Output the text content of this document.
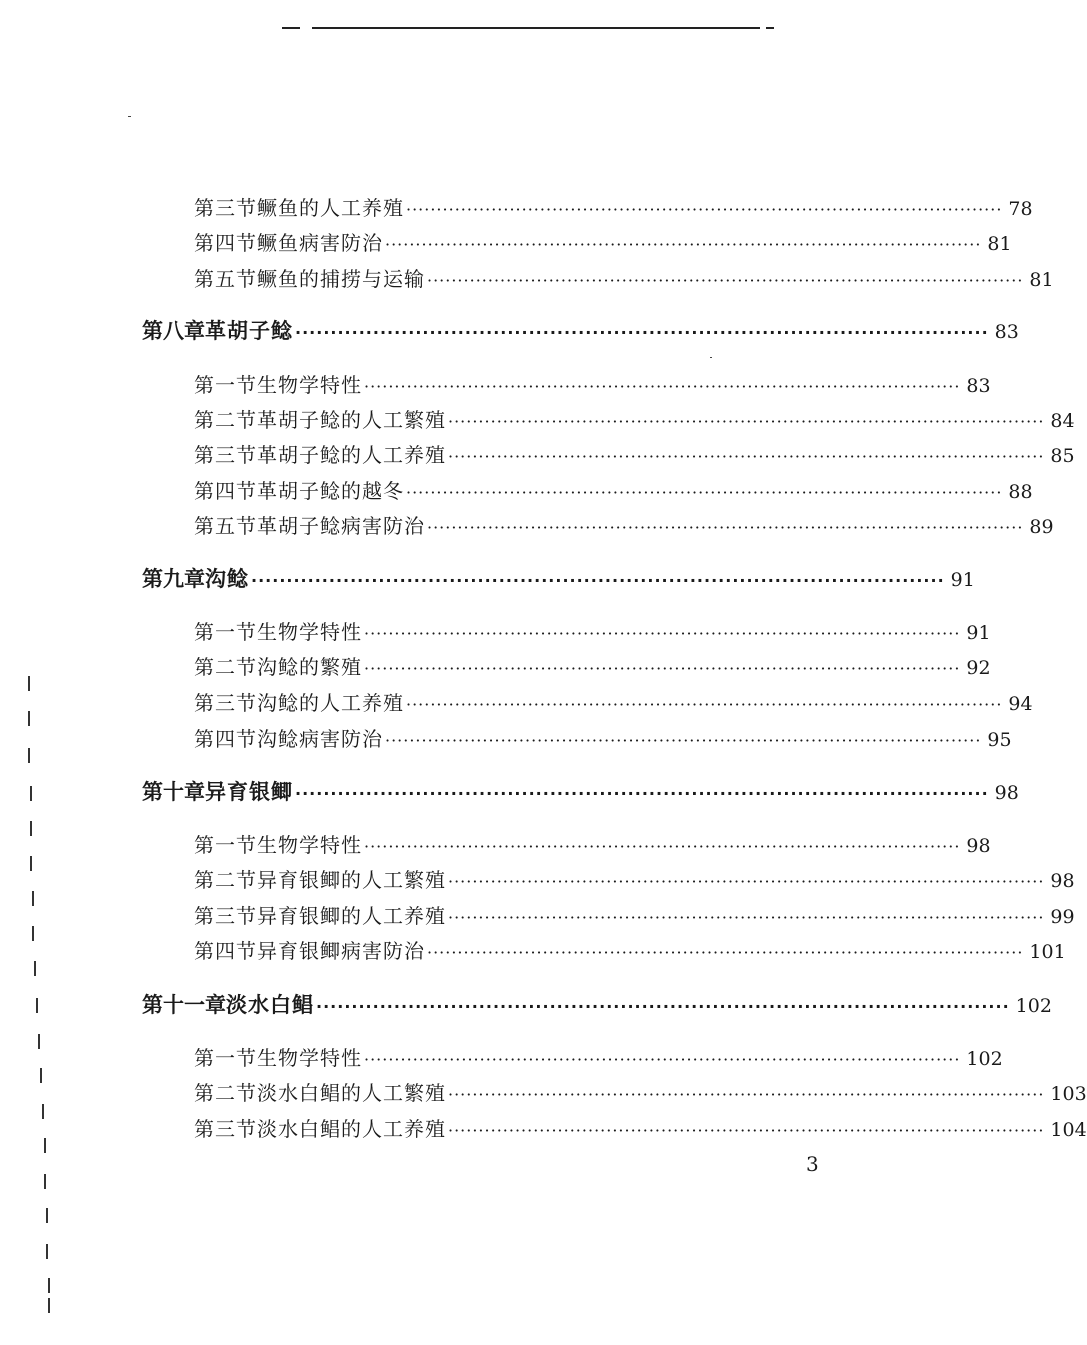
第三节 鳜鱼的人工养殖 ·································································································· 78
第四节 鳜鱼病害防治 ·································································································· 81
第五节 鳜鱼的捕捞与运输 ·································································································· 81
第八章 革胡子鲶 ·································································································· 83
第一节 生物学特性 ·································································································· 83
第二节 革胡子鲶的人工繁殖 ·································································································· 84
第三节 革胡子鲶的人工养殖 ·································································································· 85
第四节 革胡子鲶的越冬 ·································································································· 88
第五节 革胡子鲶病害防治 ·································································································· 89
第九章 沟鲶 ·································································································· 91
第一节 生物学特性 ·································································································· 91
第二节 沟鲶的繁殖 ·································································································· 92
第三节 沟鲶的人工养殖 ·································································································· 94
第四节 沟鲶病害防治 ·································································································· 95
第十章 异育银鲫 ·································································································· 98
第一节 生物学特性 ·································································································· 98
第二节 异育银鲫的人工繁殖 ·································································································· 98
第三节 异育银鲫的人工养殖 ·································································································· 99
第四节 异育银鲫病害防治 ·································································································· 101
第十一章 淡水白鲳 ·································································································· 102
第一节 生物学特性 ·································································································· 102
第二节 淡水白鲳的人工繁殖 ·································································································· 103
第三节 淡水白鲳的人工养殖 ·································································································· 104
3
